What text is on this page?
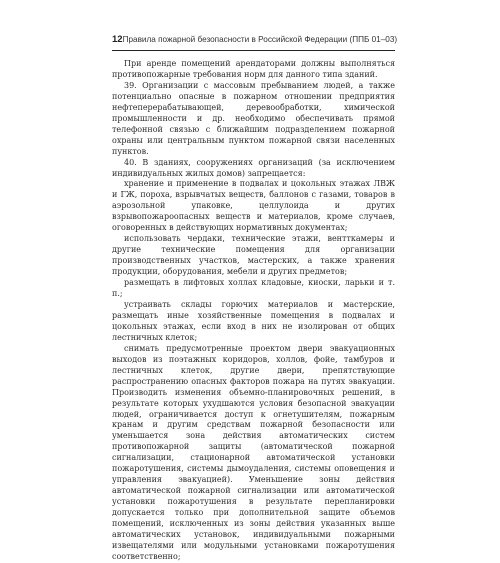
12 Правила пожарной безопасности в Российской Федерации (ППБ 01–03)

При аренде помещений арендаторами должны выполняться противопожарные требования норм для данного типа зданий.

39. Организации с массовым пребыванием людей, а также потенциально опасные в пожарном отношении предприятия нефтеперерабатывающей, деревообработки, химической промышленности и др. необходимо обеспечивать прямой телефонной связью с ближайшим подразделением пожарной охраны или центральным пунктом пожарной связи населенных пунктов.

40. В зданиях, сооружениях организаций (за исключением индивидуальных жилых домов) запрещается:

хранение и применение в подвалах и цокольных этажах ЛВЖ и ГЖ, пороха, взрывчатых веществ, баллонов с газами, товаров в аэрозольной упаковке, целлулоида и других взрывопожароопасных веществ и материалов, кроме случаев, оговоренных в действующих нормативных документах;

использовать чердаки, технические этажи, вентткамеры и другие технические помещения для организации производственных участков, мастерских, а также хранения продукции, оборудования, мебели и других предметов;

размещать в лифтовых холлах кладовые, киоски, ларьки и т. п.;

устраивать склады горючих материалов и мастерские, размещать иные хозяйственные помещения в подвалах и цокольных этажах, если вход в них не изолирован от общих лестничных клеток;

снимать предусмотренные проектом двери эвакуационных выходов из поэтажных коридоров, холлов, фойе, тамбуров и лестничных клеток, другие двери, препятствующие распространению опасных факторов пожара на путях эвакуации. Производить изменения объемно-планировочных решений, в результате которых ухудшаются условия безопасной эвакуации людей, ограничивается доступ к огнетушителям, пожарным кранам и другим средствам пожарной безопасности или уменьшается зона действия автоматических систем противопожарной защиты (автоматической пожарной сигнализации, стационарной автоматической установки пожаротушения, системы дымоудаления, системы оповещения и управления эвакуацией). Уменьшение зоны действия автоматической пожарной сигнализации или автоматической установки пожаротушения в результате перепланировки допускается только при дополнительной защите объемов помещений, исключенных из зоны действия указанных выше автоматических установок, индивидуальными пожарными извещателями или модульными установками пожаротушения соответственно;
